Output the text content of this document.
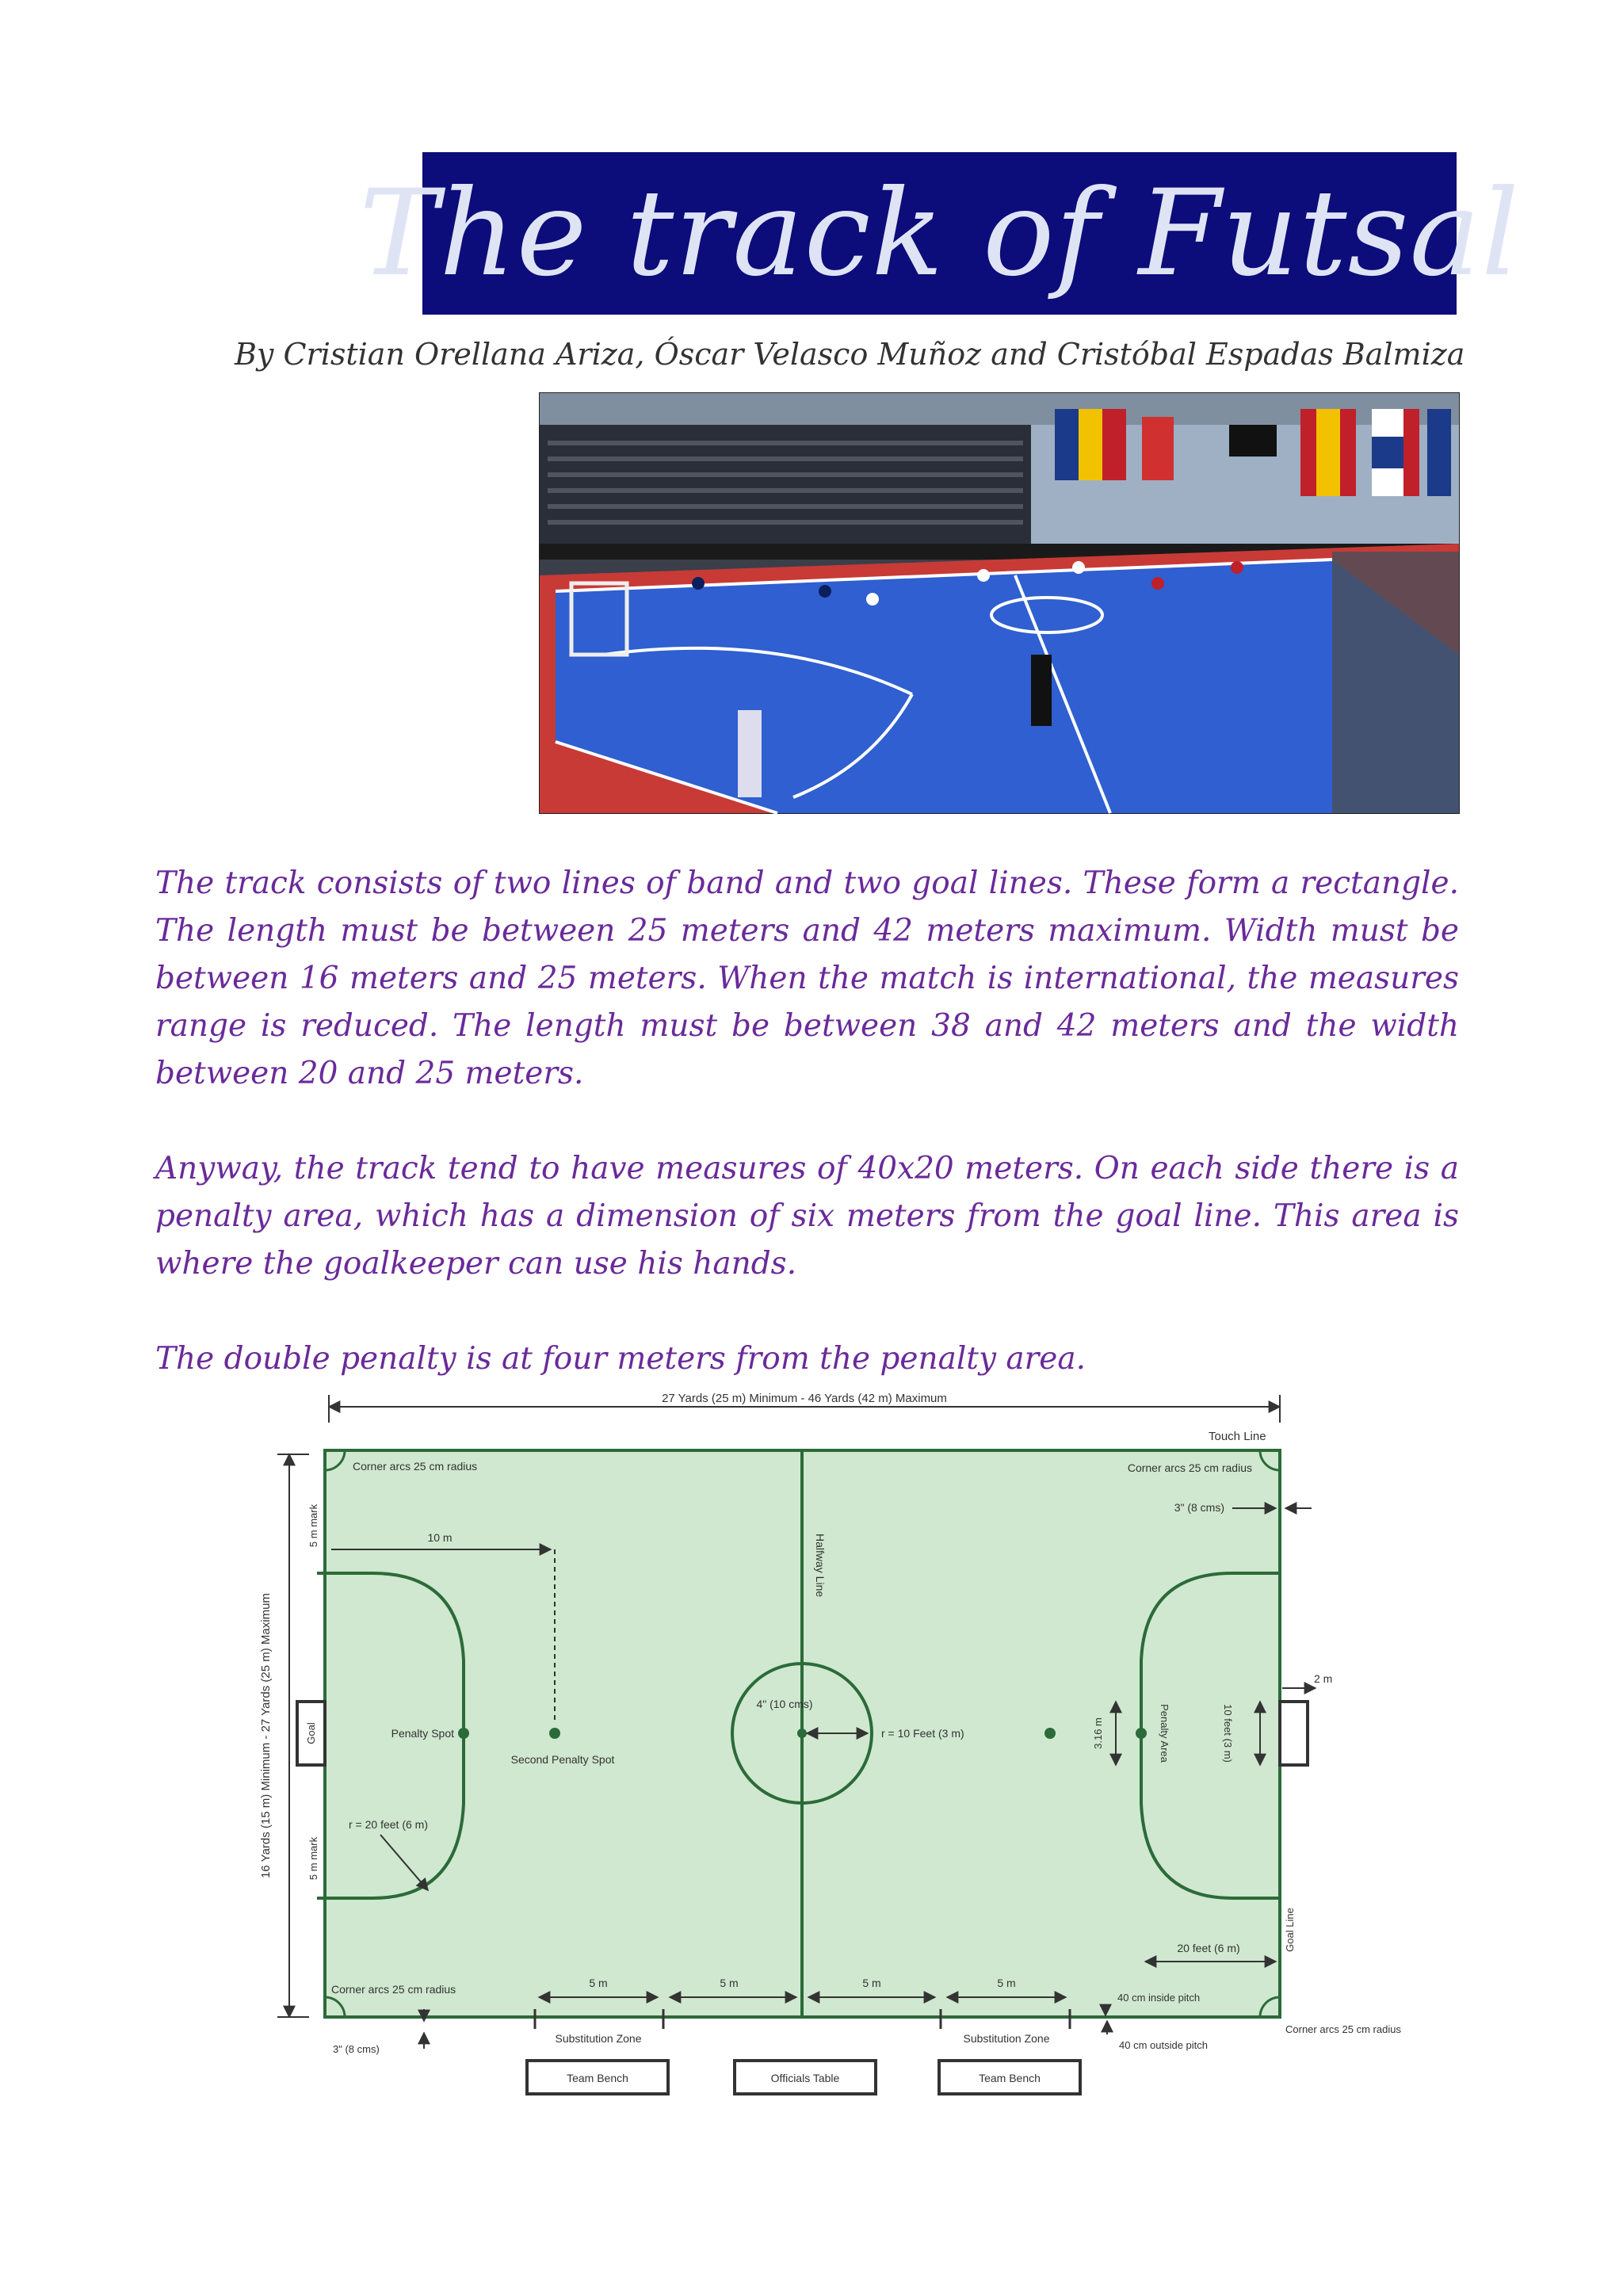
The track of Futsal
By Cristian Orellana Ariza, Óscar Velasco Muñoz and Cristóbal Espadas Balmiza

The track consists of two lines of band and two goal lines. These form a rectangle. The length must be between 25 meters and 42 meters maximum. Width must be between 16 meters and 25 meters. When the match is international, the measures range is reduced. The length must be between 38 and 42 meters and the width between 20 and 25 meters.

Anyway, the track tend to have measures of 40x20 meters. On each side there is a penalty area, which has a dimension of six meters from the goal line. This area is where the goalkeeper can use his hands.

The double penalty is at four meters from the penalty area.

27 Yards (25 m) Minimum - 46 Yards (42 m) Maximum
16 Yards (15 m) Minimum - 27 Yards (25 m) Maximum
Halfway Line
4" (10 cms)
r = 10 Feet (3 m)
Corner arcs 25 cm radius	Corner arcs 25 cm radius
Corner arcs 25 cm radius
Corner arcs 25 cm radius
Touch Line
3" (8 cms)
Penalty Spot
Second Penalty Spot
10 m
5 m mark
5 m mark
r = 20 feet (6 m)
Goal	3.16 m	Penalty Area	10 feet (3 m)
2 m
Goal Line
20 feet (6 m)
40 cm inside pitch
5 m	5 m	5 m	5 m
Substitution Zone	Substitution Zone
40 cm outside pitch
3" (8 cms)
Team Bench	Officials Table	Team Bench
